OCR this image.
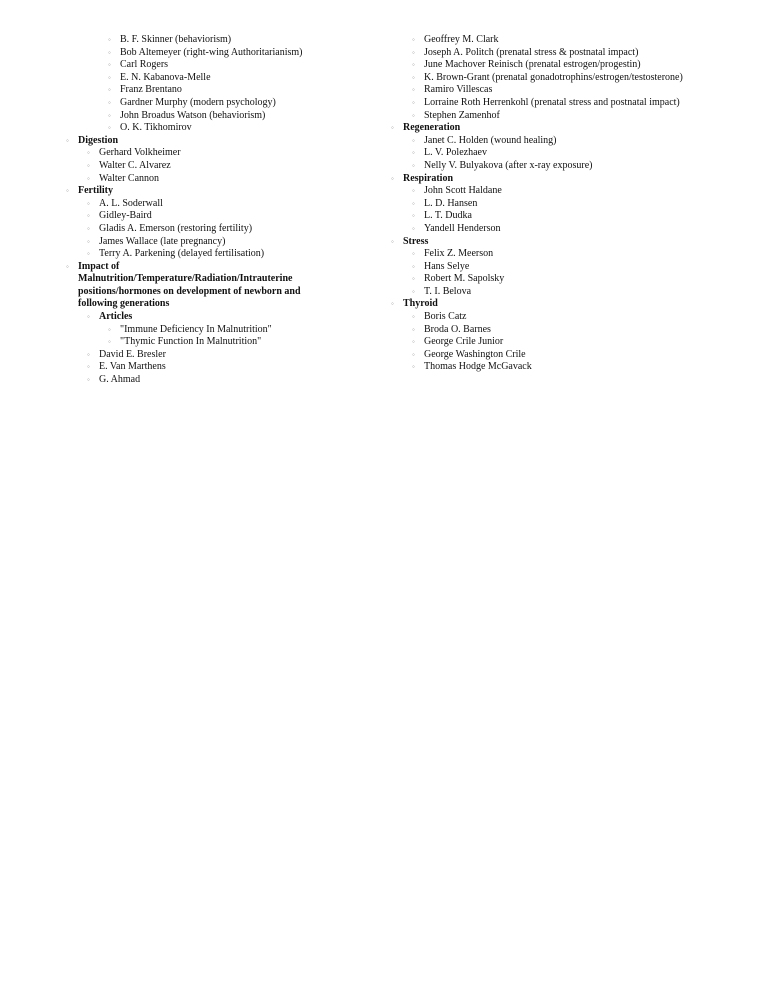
◦ B. F. Skinner (behaviorism)
◦ Bob Altemeyer (right-wing Authoritarianism)
◦ Carl Rogers
◦ E. N. Kabanova-Melle
◦ Franz Brentano
◦ Gardner Murphy (modern psychology)
◦ John Broadus Watson (behaviorism)
◦ O. K. Tikhomirov
◦ Digestion
◦ Gerhard Volkheimer
◦ Walter C. Alvarez
◦ Walter Cannon
◦ Fertility
◦ A. L. Soderwall
◦ Gidley-Baird
◦ Gladis A. Emerson (restoring fertility)
◦ James Wallace (late pregnancy)
◦ Terry A. Parkening (delayed fertilisation)
◦ Impact of Malnutrition/Temperature/Radiation/Intrauterine positions/hormones on development of newborn and following generations
◦ Articles
◦ "Immune Deficiency In Malnutrition"
◦ "Thymic Function In Malnutrition"
◦ David E. Bresler
◦ E. Van Marthens
◦ G. Ahmad
◦ Geoffrey M. Clark
◦ Joseph A. Politch (prenatal stress & postnatal impact)
◦ June Machover Reinisch (prenatal estrogen/progestin)
◦ K. Brown-Grant (prenatal gonadotrophins/estrogen/testosterone)
◦ Ramiro Villescas
◦ Lorraine Roth Herrenkohl (prenatal stress and postnatal impact)
◦ Stephen Zamenhof
◦ Regeneration
◦ Janet C. Holden (wound healing)
◦ L. V. Polezhaev
◦ Nelly V. Bulyakova (after x-ray exposure)
◦ Respiration
◦ John Scott Haldane
◦ L. D. Hansen
◦ L. T. Dudka
◦ Yandell Henderson
◦ Stress
◦ Felix Z. Meerson
◦ Hans Selye
◦ Robert M. Sapolsky
◦ T. I. Belova
◦ Thyroid
◦ Boris Catz
◦ Broda O. Barnes
◦ George Crile Junior
◦ George Washington Crile
◦ Thomas Hodge McGavack
